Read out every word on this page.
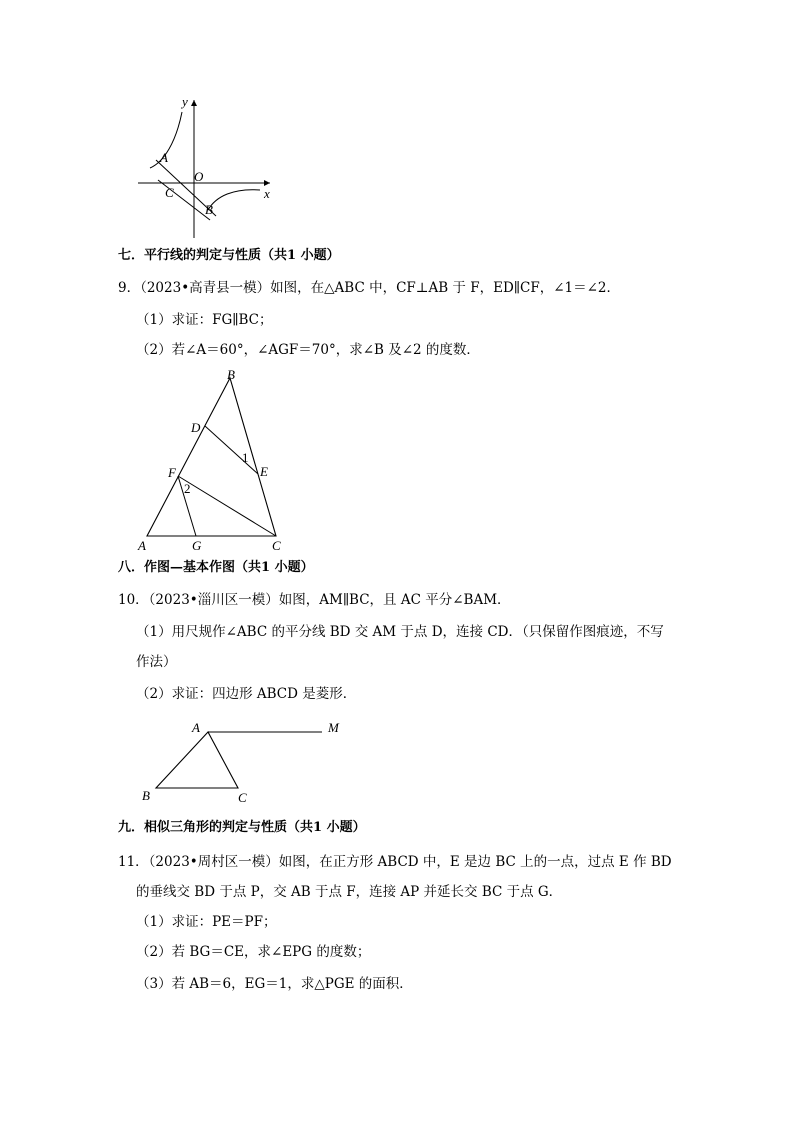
y
x
O
A
B
C
七．平行线的判定与性质（共1 小题）
9．（2023•高青县一模）如图，在△ABC 中，CF⊥AB 于 F，ED∥CF，∠1＝∠2．
（1）求证：FG∥BC；
（2）若∠A＝60°，∠AGF＝70°，求∠B 及∠2 的度数．
B
D
E
F
A	G	C
1
2
八．作图—基本作图（共1 小题）
10．（2023•淄川区一模）如图，AM∥BC，且 AC 平分∠BAM．
（1）用尺规作∠ABC 的平分线 BD 交 AM 于点 D，连接 CD．（只保留作图痕迹，不写
作法）
（2）求证：四边形 ABCD 是菱形．
A	M
B	C
九．相似三角形的判定与性质（共1 小题）
11．（2023•周村区一模）如图，在正方形 ABCD 中，E 是边 BC 上的一点，过点 E 作 BD
的垂线交 BD 于点 P，交 AB 于点 F，连接 AP 并延长交 BC 于点 G．
（1）求证：PE＝PF；
（2）若 BG＝CE，求∠EPG 的度数；
（3）若 AB＝6，EG＝1，求△PGE 的面积．
